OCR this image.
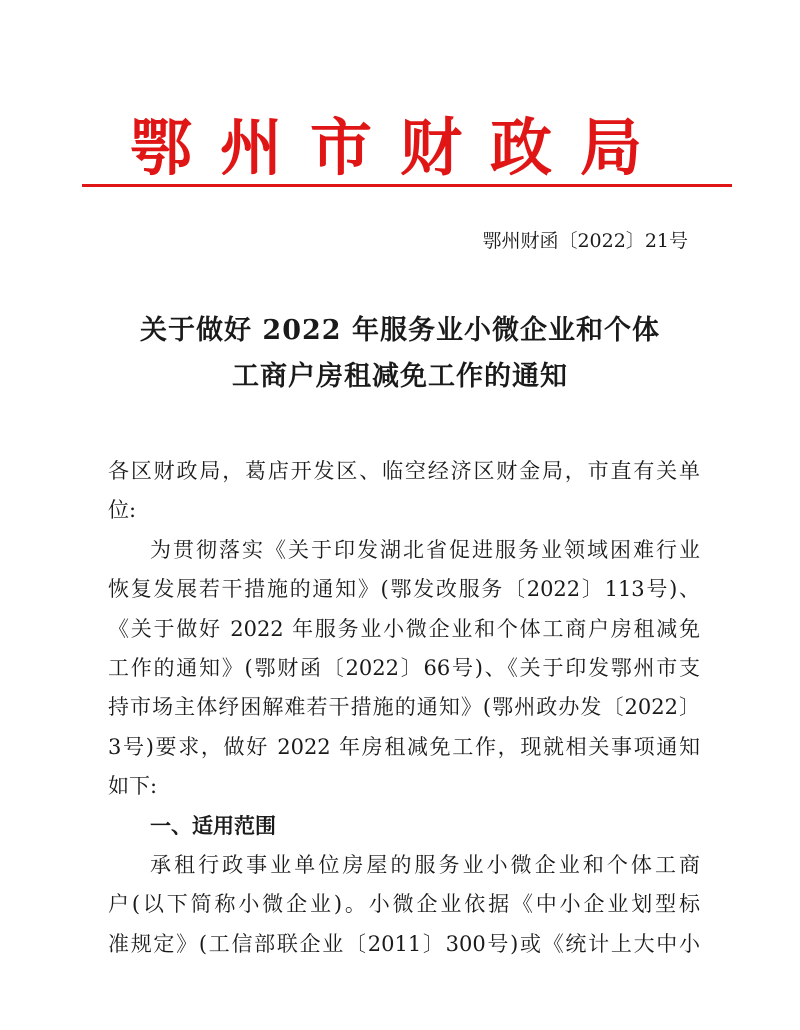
鄂州市财政局
鄂州财函〔2022〕21号
关于做好 2022 年服务业小微企业和个体
工商户房租减免工作的通知
各区财政局，葛店开发区、临空经济区财金局，市直有关单
位:
为贯彻落实《关于印发湖北省促进服务业领域困难行业
恢复发展若干措施的通知》(鄂发改服务〔2022〕113号)、
《关于做好 2022 年服务业小微企业和个体工商户房租减免
工作的通知》(鄂财函〔2022〕66号)、《关于印发鄂州市支
持市场主体纾困解难若干措施的通知》(鄂州政办发〔2022〕
3号)要求，做好 2022 年房租减免工作，现就相关事项通知
如下:
一、适用范围
承租行政事业单位房屋的服务业小微企业和个体工商
户(以下简称小微企业)。小微企业依据《中小企业划型标
准规定》(工信部联企业〔2011〕300号)或《统计上大中小
